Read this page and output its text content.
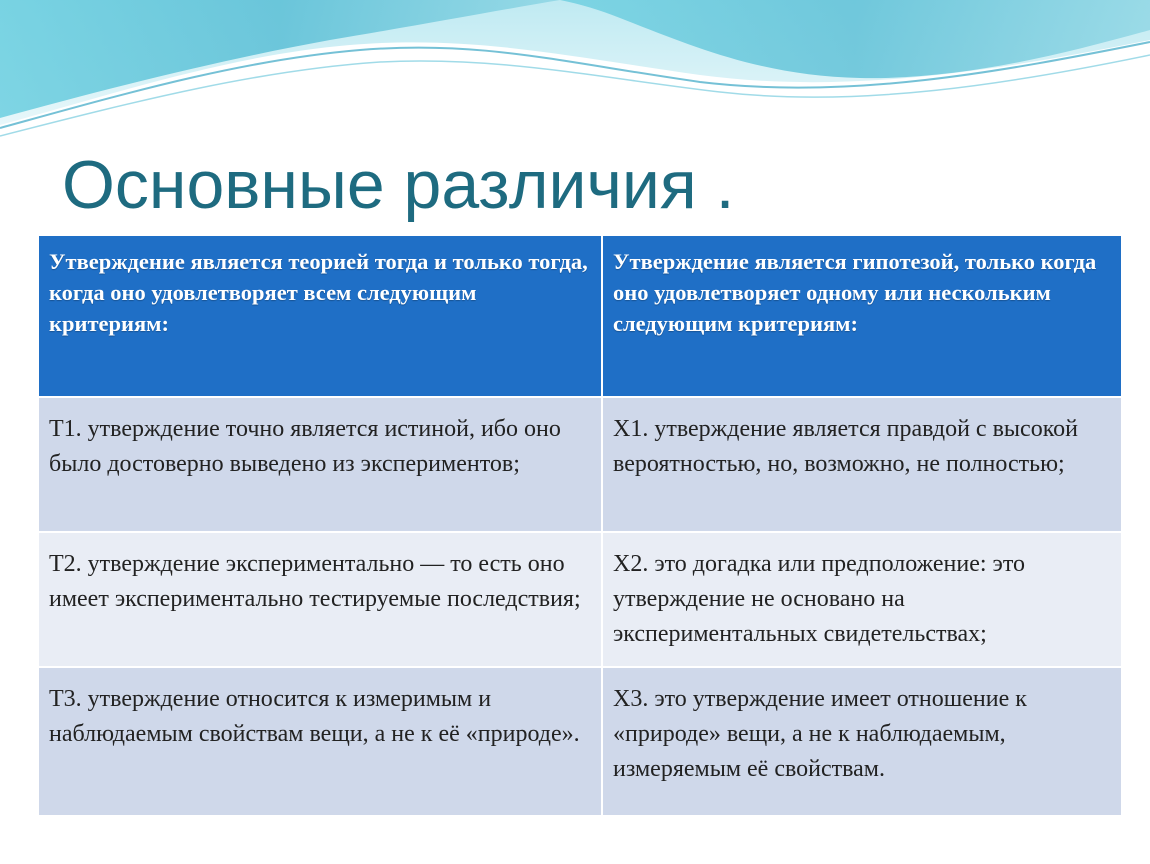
Основные различия .
Утверждение является теорией тогда и только тогда, когда оно удовлетворяет всем следующим критериям:	Утверждение является гипотезой, только когда оно удовлетворяет одному или нескольким следующим критериям:
Т1. утверждение точно является истиной, ибо оно было достоверно выведено из экспериментов;	Х1. утверждение является правдой с высокой вероятностью, но, возможно, не полностью;
Т2. утверждение экспериментально — то есть оно имеет экспериментально тестируемые последствия;	Х2. это догадка или предположение: это утверждение не основано на экспериментальных свидетельствах;
Т3. утверждение относится к измеримым и наблюдаемым свойствам вещи, а не к её «природе».	Х3. это утверждение имеет отношение к «природе» вещи, а не к наблюдаемым, измеряемым её свойствам.
